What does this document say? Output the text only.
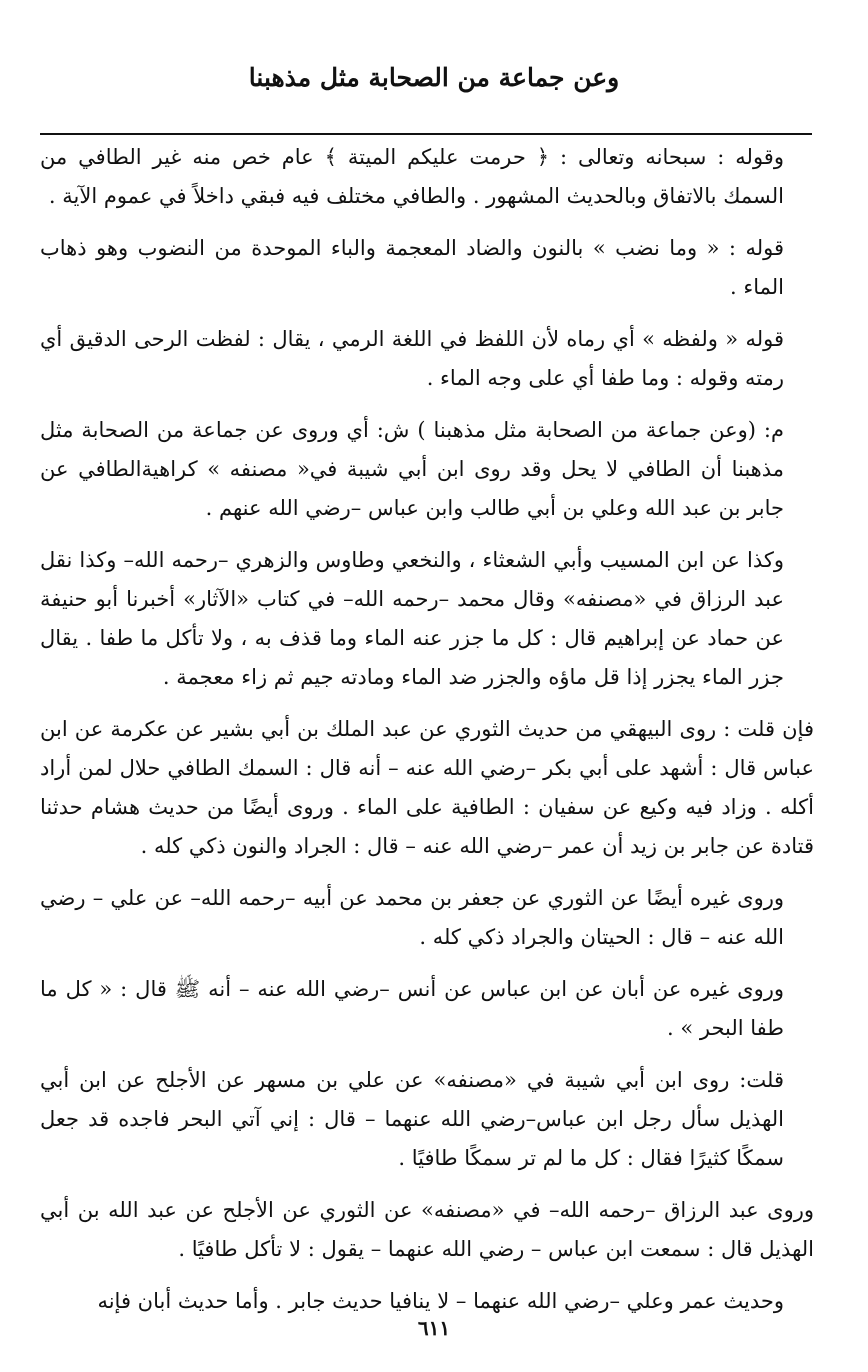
وعن جماعة من الصحابة مثل مذهبنا

وقوله : سبحانه وتعالى : ﴿ حرمت عليكم الميتة ﴾ عام خص منه غير الطافي من السمك بالاتفاق وبالحديث المشهور . والطافي مختلف فيه فبقي داخلاً في عموم الآية .

قوله : « وما نضب » بالنون والضاد المعجمة والباء الموحدة من النضوب وهو ذهاب الماء .

قوله « ولفظه » أي رماه لأن اللفظ في اللغة الرمي ، يقال : لفظت الرحى الدقيق أي رمته وقوله : وما طفا أي على وجه الماء .

م: (وعن جماعة من الصحابة مثل مذهبنا ) ش: أي وروى عن جماعة من الصحابة مثل مذهبنا أن الطافي لا يحل وقد روى ابن أبي شيبة في« مصنفه » كراهيةالطافي عن جابر بن عبد الله وعلي بن أبي طالب وابن عباس –رضي الله عنهم .

وكذا عن ابن المسيب وأبي الشعثاء ، والنخعي وطاوس والزهري –رحمه الله– وكذا نقل عبد الرزاق في «مصنفه» وقال محمد –رحمه الله– في كتاب «الآثار» أخبرنا أبو حنيفة عن حماد عن إبراهيم قال : كل ما جزر عنه الماء وما قذف به ، ولا تأكل ما طفا . يقال جزر الماء يجزر إذا قل ماؤه والجزر ضد الماء ومادته جيم ثم زاء معجمة .

فإن قلت : روى البيهقي من حديث الثوري عن عبد الملك بن أبي بشير عن عكرمة عن ابن عباس قال : أشهد على أبي بكر –رضي الله عنه – أنه قال : السمك الطافي حلال لمن أراد أكله . وزاد فيه وكيع عن سفيان : الطافية على الماء . وروى أيضًا من حديث هشام حدثنا قتادة عن جابر بن زيد أن عمر –رضي الله عنه – قال : الجراد والنون ذكي كله .

وروى غيره أيضًا عن الثوري عن جعفر بن محمد عن أبيه –رحمه الله– عن علي – رضي الله عنه – قال : الحيتان والجراد ذكي كله .

وروى غيره عن أبان عن ابن عباس عن أنس –رضي الله عنه – أنه ﷺ قال : « كل ما طفا البحر » .

قلت: روى ابن أبي شيبة في «مصنفه» عن علي بن مسهر عن الأجلح عن ابن أبي الهذيل سأل رجل ابن عباس–رضي الله عنهما – قال : إني آتي البحر فاجده قد جعل سمكًا كثيرًا فقال : كل ما لم تر سمكًا طافيًا .

وروى عبد الرزاق –رحمه الله– في «مصنفه» عن الثوري عن الأجلح عن عبد الله بن أبي الهذيل قال : سمعت ابن عباس – رضي الله عنهما – يقول : لا تأكل طافيًا .

وحديث عمر وعلي –رضي الله عنهما – لا ينافيا حديث جابر . وأما حديث أبان فإنه

٦١١
